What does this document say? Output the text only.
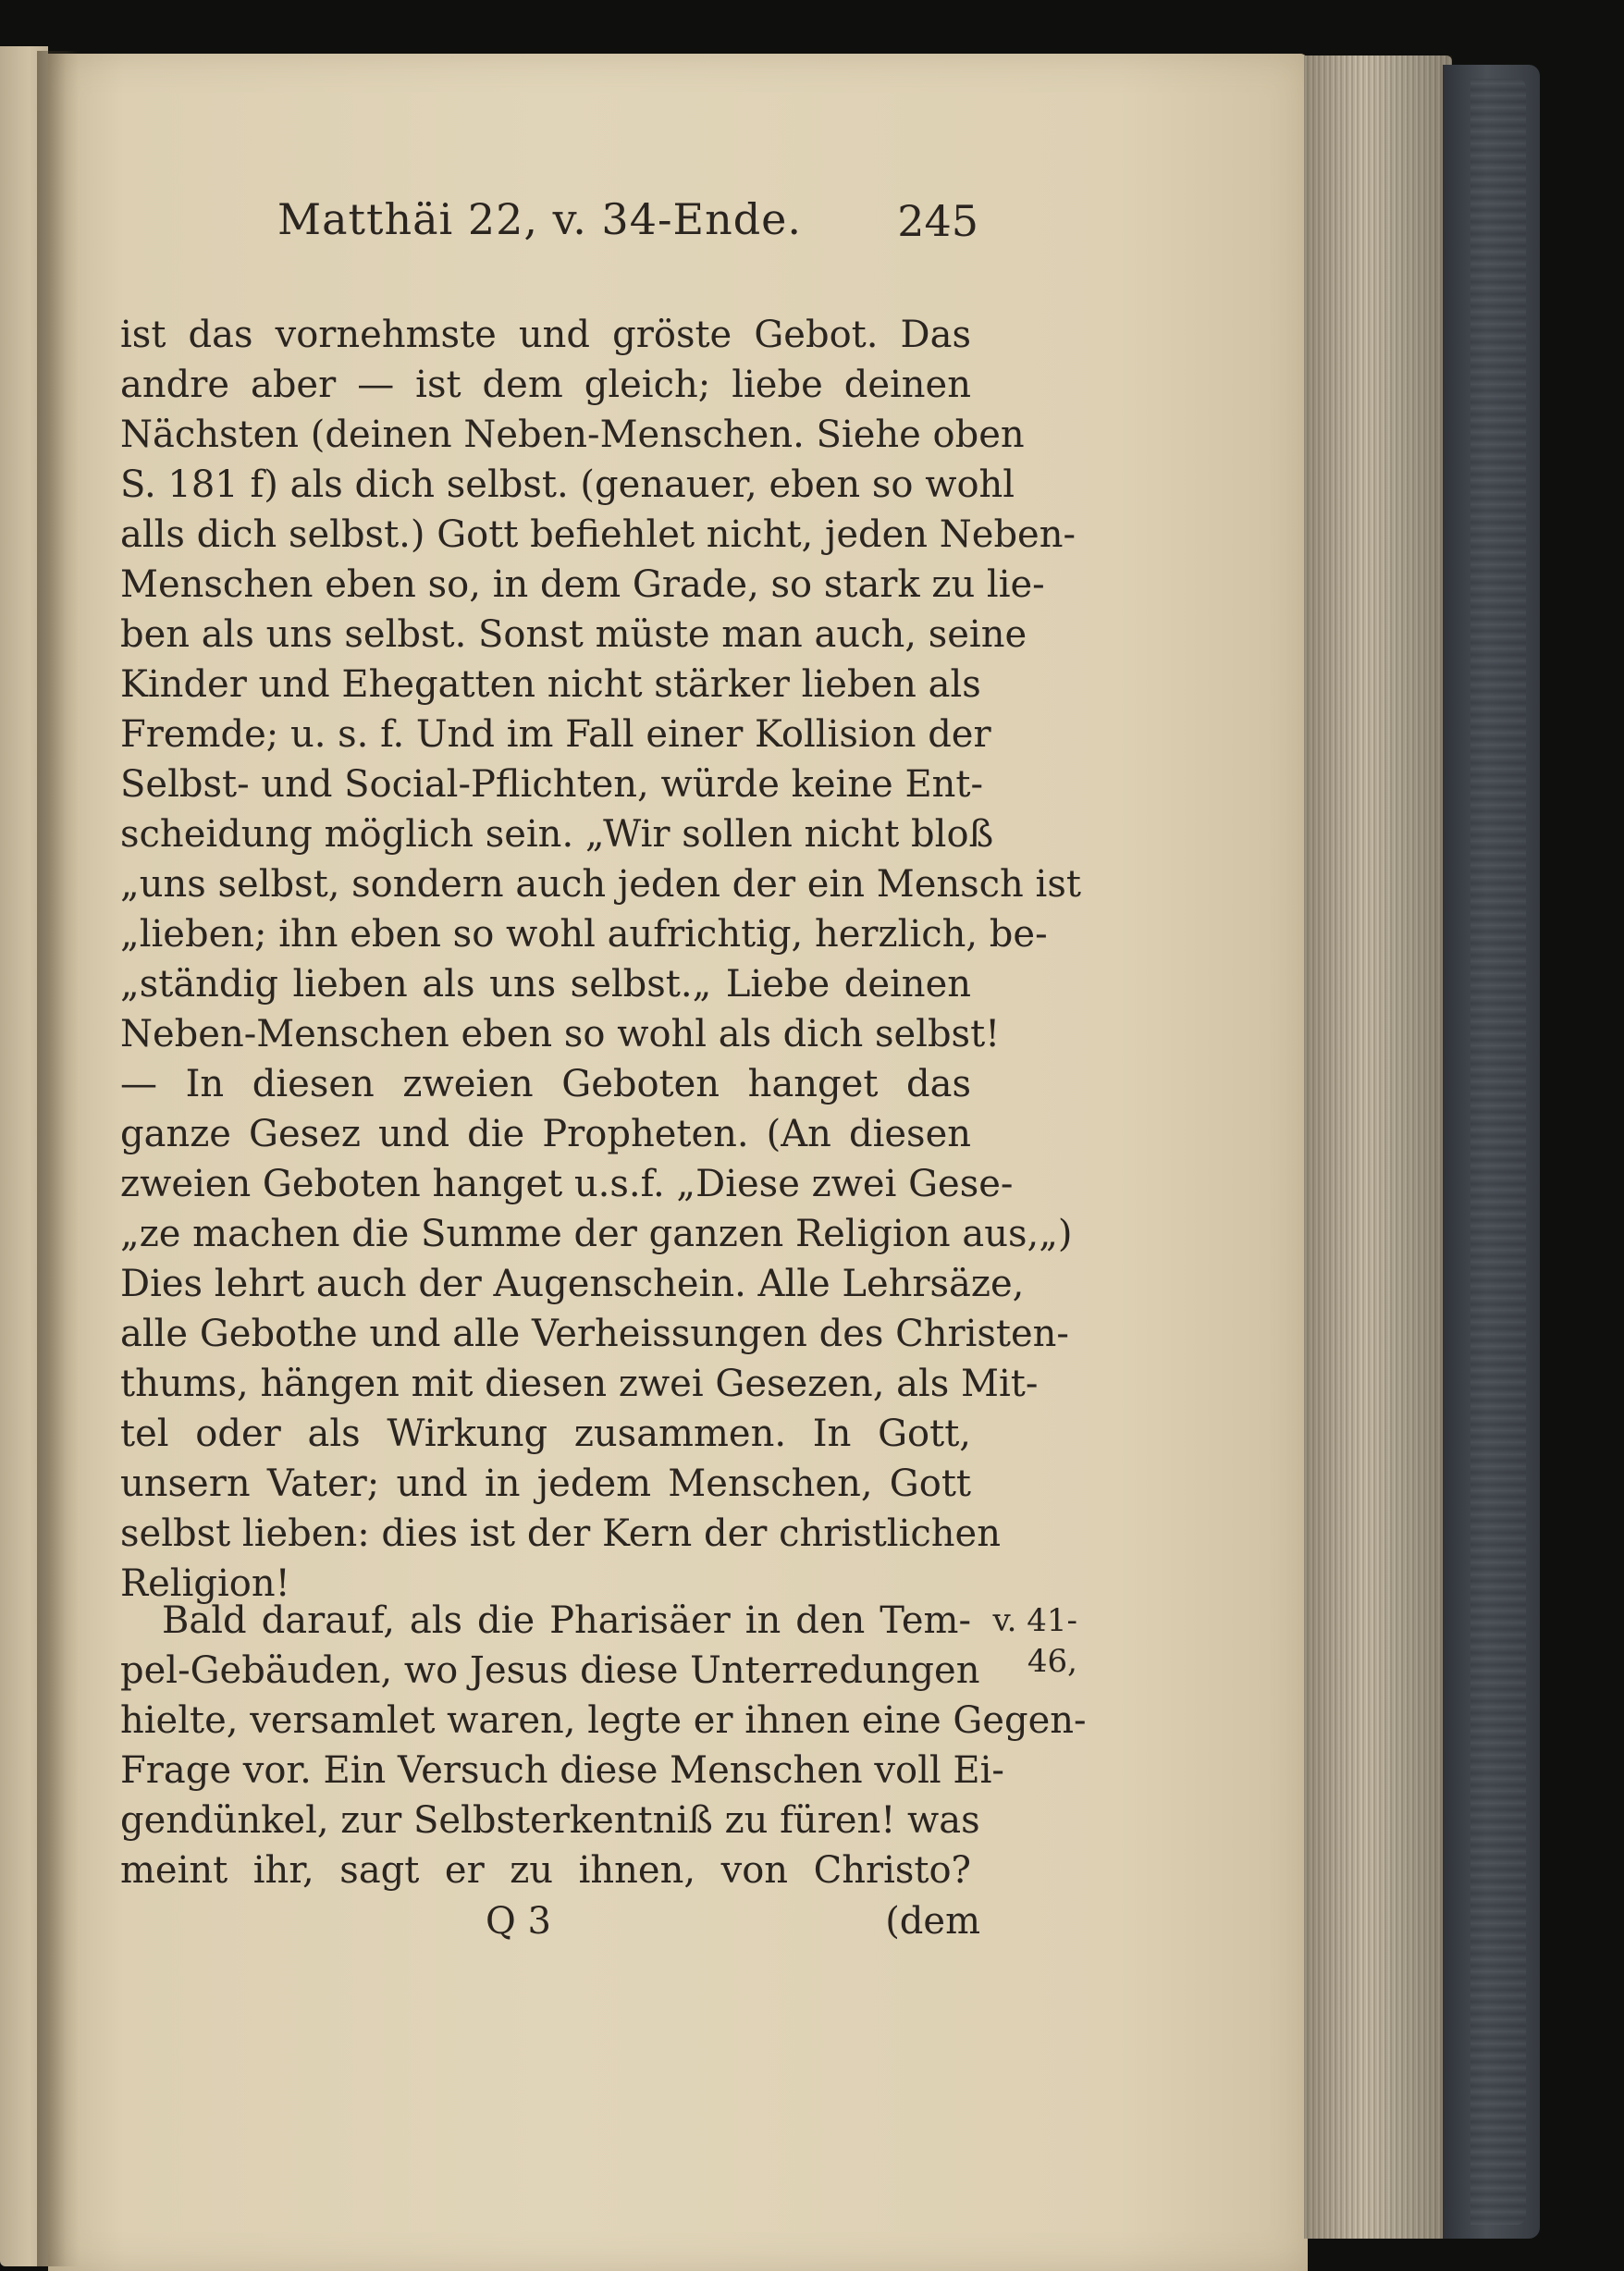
Matthäi 22, v. 34-Ende.	245
ist das vornehmste und gröste Gebot. Das
andre aber — ist dem gleich; liebe deinen
Nächsten (deinen Neben-Menschen. Siehe oben
S. 181 f) als dich selbst. (genauer, eben so wohl
alls dich selbst.) Gott befiehlet nicht, jeden Neben-
Menschen eben so, in dem Grade, so stark zu lie-
ben als uns selbst. Sonst müste man auch, seine
Kinder und Ehegatten nicht stärker lieben als
Fremde; u. s. f. Und im Fall einer Kollision der
Selbst- und Social-Pflichten, würde keine Ent-
scheidung möglich sein. „Wir sollen nicht bloß
„uns selbst, sondern auch jeden der ein Mensch ist
„lieben; ihn eben so wohl aufrichtig, herzlich, be-
„ständig lieben als uns selbst.„ Liebe deinen
Neben-Menschen eben so wohl als dich selbst!
— In diesen zweien Geboten hanget das
ganze Gesez und die Propheten. (An diesen
zweien Geboten hanget u.s.f. „Diese zwei Gese-
„ze machen die Summe der ganzen Religion aus,„)
Dies lehrt auch der Augenschein. Alle Lehrsäze,
alle Gebothe und alle Verheissungen des Christen-
thums, hängen mit diesen zwei Gesezen, als Mit-
tel oder als Wirkung zusammen. In Gott,
unsern Vater; und in jedem Menschen, Gott
selbst lieben: dies ist der Kern der christlichen
Religion!
Bald darauf, als die Pharisäer in den Tem-
pel-Gebäuden, wo Jesus diese Unterredungen
hielte, versamlet waren, legte er ihnen eine Gegen-
Frage vor. Ein Versuch diese Menschen voll Ei-
gendünkel, zur Selbsterkentniß zu füren! was
meint ihr, sagt er zu ihnen, von Christo?
v. 41-
46,
Q 3	(dem
